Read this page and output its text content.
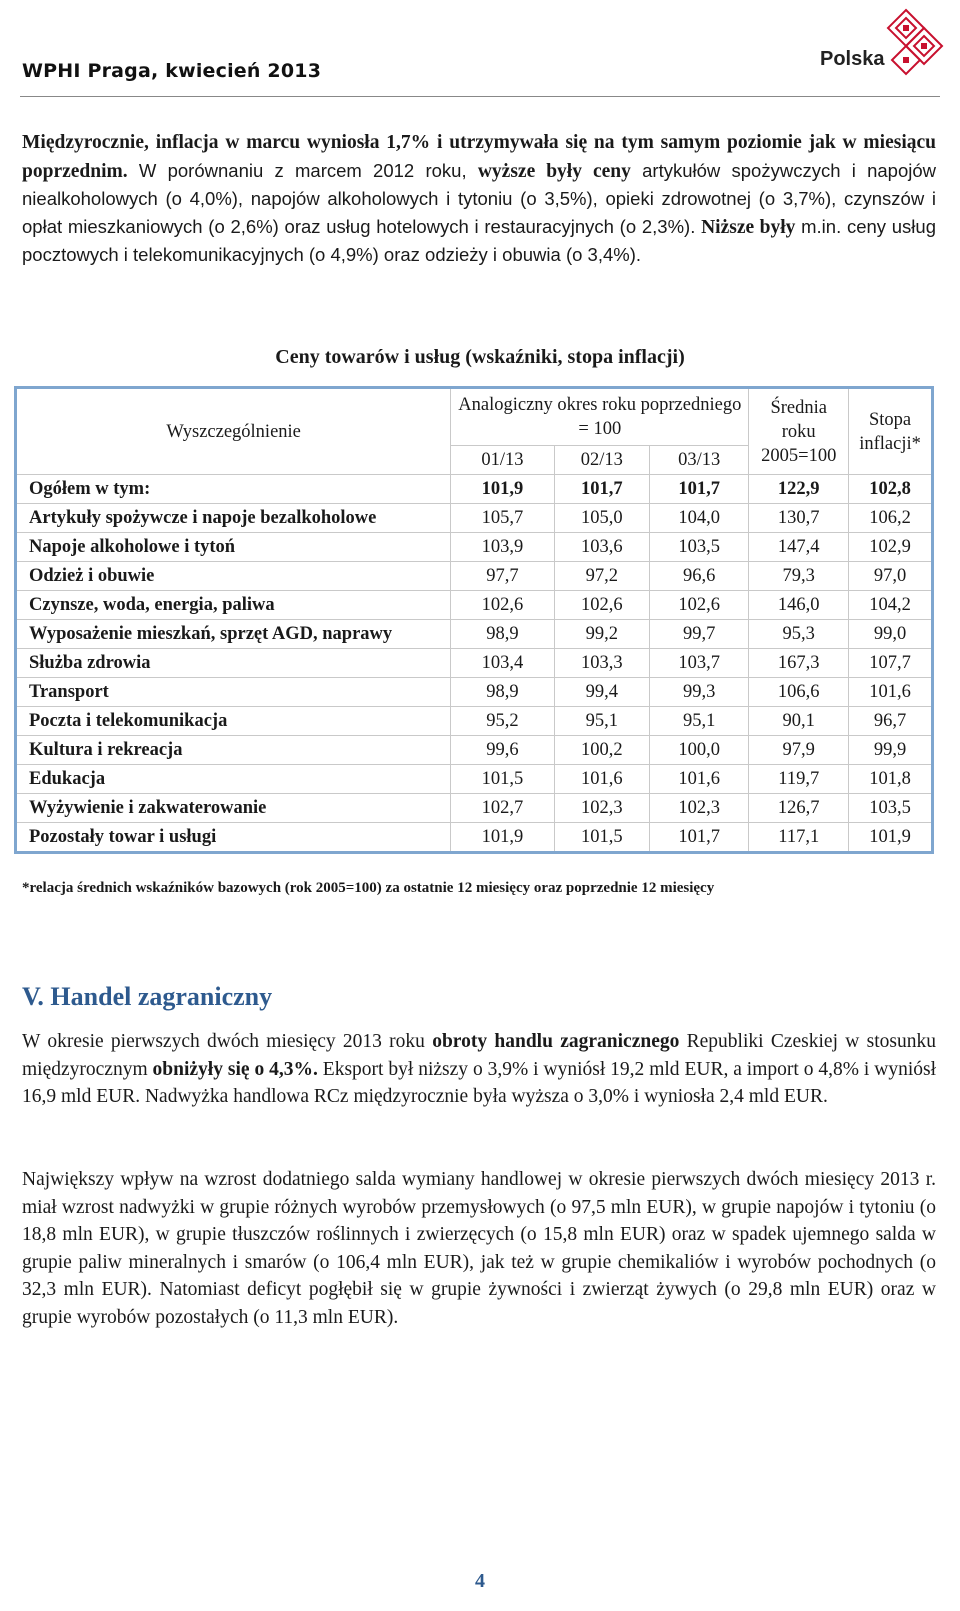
WPHI Praga, kwiecień 2013
Polska

Międzyrocznie, inflacja w marcu wyniosła 1,7% i utrzymywała się na tym samym poziomie jak w miesiącu poprzednim. W porównaniu z marcem 2012 roku, wyższe były ceny artykułów spożywczych i napojów niealkoholowych (o 4,0%), napojów alkoholowych i tytoniu (o 3,5%), opieki zdrowotnej (o 3,7%), czynszów i opłat mieszkaniowych (o 2,6%) oraz usług hotelowych i restauracyjnych (o 2,3%). Niższe były m.in. ceny usług pocztowych i telekomunikacyjnych (o 4,9%) oraz odzieży i obuwia (o 3,4%).

Ceny towarów i usług (wskaźniki, stopa inflacji)
Wyszczególnienie	Analogiczny okres roku poprzedniego = 100			Średnia roku 2005=100	Stopa inflacji*
	01/13	02/13	03/13		
Ogółem w tym:	101,9	101,7	101,7	122,9	102,8
Artykuły spożywcze i napoje bezalkoholowe	105,7	105,0	104,0	130,7	106,2
Napoje alkoholowe i tytoń	103,9	103,6	103,5	147,4	102,9
Odzież i obuwie	97,7	97,2	96,6	79,3	97,0
Czynsze, woda, energia, paliwa	102,6	102,6	102,6	146,0	104,2
Wyposażenie mieszkań, sprzęt AGD, naprawy	98,9	99,2	99,7	95,3	99,0
Służba zdrowia	103,4	103,3	103,7	167,3	107,7
Transport	98,9	99,4	99,3	106,6	101,6
Poczta i telekomunikacja	95,2	95,1	95,1	90,1	96,7
Kultura i rekreacja	99,6	100,2	100,0	97,9	99,9
Edukacja	101,5	101,6	101,6	119,7	101,8
Wyżywienie i zakwaterowanie	102,7	102,3	102,3	126,7	103,5
Pozostały towar i usługi	101,9	101,5	101,7	117,1	101,9
*relacja średnich wskaźników bazowych (rok 2005=100) za ostatnie 12 miesięcy oraz poprzednie 12 miesięcy
V. Handel zagraniczny

W okresie pierwszych dwóch miesięcy 2013 roku obroty handlu zagranicznego Republiki Czeskiej w stosunku międzyrocznym obniżyły się o 4,3%. Eksport był niższy o 3,9% i wyniósł 19,2 mld EUR, a import o 4,8% i wyniósł 16,9 mld EUR. Nadwyżka handlowa RCz międzyrocznie była wyższa o 3,0% i wyniosła 2,4 mld EUR.

Największy wpływ na wzrost dodatniego salda wymiany handlowej w okresie pierwszych dwóch miesięcy 2013 r. miał wzrost nadwyżki w grupie różnych wyrobów przemysłowych (o 97,5 mln EUR), w grupie napojów i tytoniu (o 18,8 mln EUR), w grupie tłuszczów roślinnych i zwierzęcych (o 15,8 mln EUR) oraz w spadek ujemnego salda w grupie paliw mineralnych i smarów (o 106,4 mln EUR), jak też w grupie chemikaliów i wyrobów pochodnych (o 32,3 mln EUR). Natomiast deficyt pogłębił się w grupie żywności i zwierząt żywych (o 29,8 mln EUR) oraz w grupie wyrobów pozostałych (o 11,3 mln EUR).

4
